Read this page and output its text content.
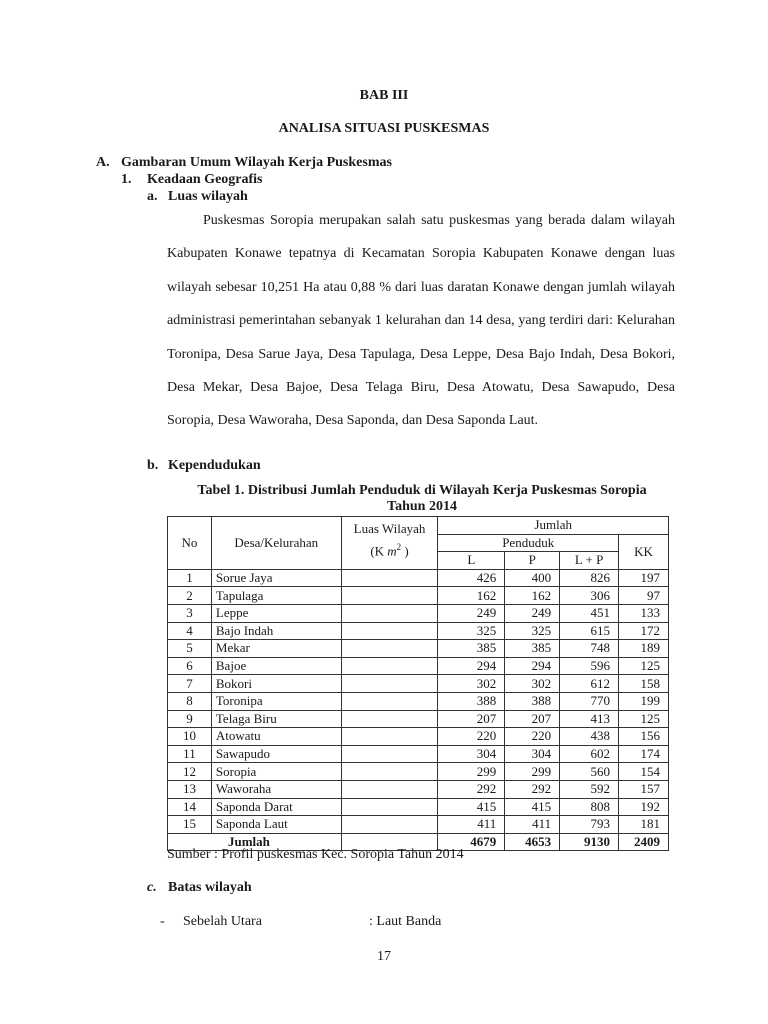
BAB III
ANALISA SITUASI PUSKESMAS
A. Gambaran Umum Wilayah Kerja Puskesmas
1. Keadaan Geografis
a. Luas wilayah

Puskesmas Soropia merupakan salah satu puskesmas yang berada dalam wilayah Kabupaten Konawe tepatnya di Kecamatan Soropia Kabupaten Konawe dengan luas wilayah sebesar 10,251 Ha atau 0,88 % dari luas daratan Konawe dengan jumlah wilayah administrasi pemerintahan sebanyak 1 kelurahan dan 14 desa, yang terdiri dari: Kelurahan Toronipa, Desa Sarue Jaya, Desa Tapulaga, Desa Leppe, Desa Bajo Indah, Desa Bokori, Desa Mekar, Desa Bajoe, Desa Telaga Biru, Desa Atowatu, Desa Sawapudo, Desa Soropia, Desa Waworaha, Desa Saponda, dan Desa Saponda Laut.

b. Kependudukan
Tabel 1. Distribusi Jumlah Penduduk di Wilayah Kerja Puskesmas Soropia
Tahun 2014
No	Desa/Kelurahan	Luas Wilayah
(K $m^2$ )	Jumlah			
			Penduduk			KK
			L	P	L + P	
1	Sorue Jaya		426	400	826	197
2	Tapulaga		162	162	306	97
3	Leppe		249	249	451	133
4	Bajo Indah		325	325	615	172
5	Mekar		385	385	748	189
6	Bajoe		294	294	596	125
7	Bokori		302	302	612	158
8	Toronipa		388	388	770	199
9	Telaga Biru		207	207	413	125
10	Atowatu		220	220	438	156
11	Sawapudo		304	304	602	174
12	Soropia		299	299	560	154
13	Waworaha		292	292	592	157
14	Saponda Darat		415	415	808	192
15	Saponda Laut		411	411	793	181
Jumlah			4679	4653	9130	2409
Sumber : Profil puskesmas Kec. Soropia Tahun 2014
c. Batas wilayah
- Sebelah Utara	: Laut Banda
17
